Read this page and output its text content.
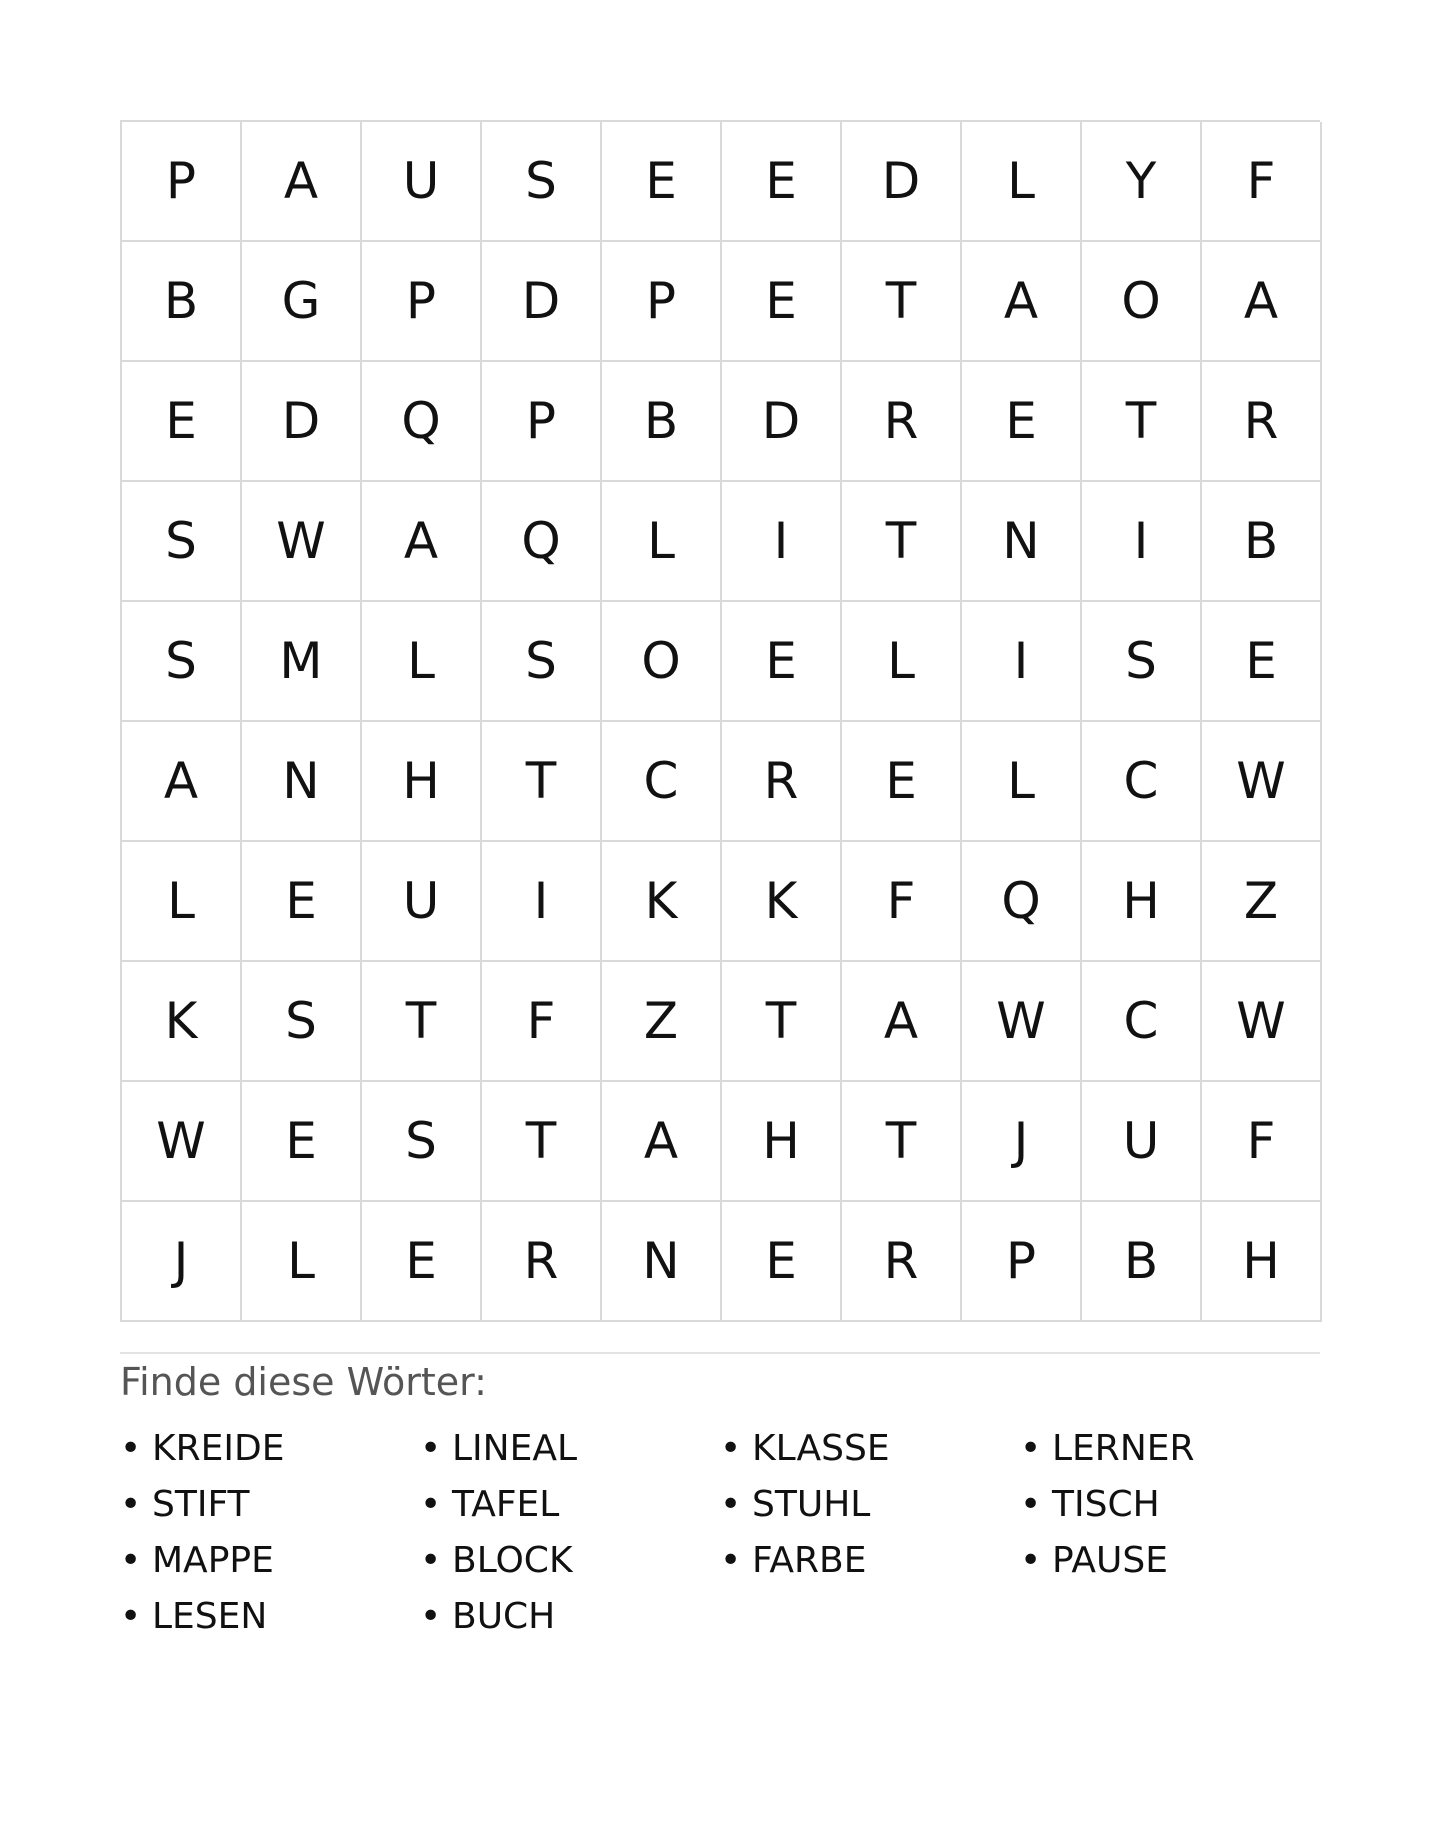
P	A	U	S	E	E	D	L	Y	F
B	G	P	D	P	E	T	A	O	A
E	D	Q	P	B	D	R	E	T	R
S	W	A	Q	L	I	T	N	I	B
S	M	L	S	O	E	L	I	S	E
A	N	H	T	C	R	E	L	C	W
L	E	U	I	K	K	F	Q	H	Z
K	S	T	F	Z	T	A	W	C	W
W	E	S	T	A	H	T	J	U	F
J	L	E	R	N	E	R	P	B	H
Finde diese Wörter:
• KREIDE	• LINEAL	• KLASSE	• LERNER
• STIFT	• TAFEL	• STUHL	• TISCH
• MAPPE	• BLOCK	• FARBE	• PAUSE
• LESEN	• BUCH
